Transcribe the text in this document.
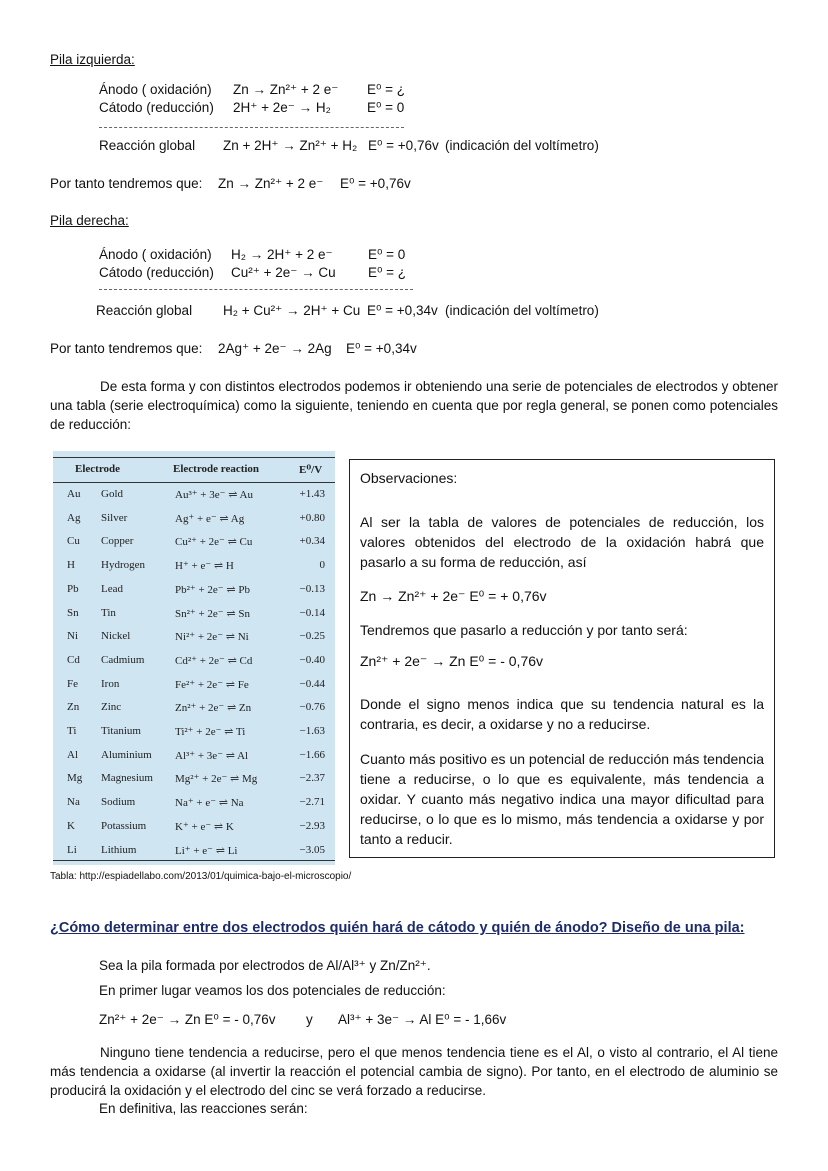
Pila izquierda:
Ánodo ( oxidación) Zn → Zn²⁺ + 2 e⁻ E⁰ = ¿
Cátodo (reducción) 2H⁺ + 2e⁻ → H₂	E⁰ = 0
Reacción global Zn + 2H⁺ → Zn²⁺ + H₂ E⁰ = +0,76v (indicación del voltímetro)
Por tanto tendremos que: Zn → Zn²⁺ + 2 e⁻ E⁰ = +0,76v
Pila derecha:
Ánodo ( oxidación) H₂ → 2H⁺ + 2 e⁻	E⁰ = 0
Cátodo (reducción) Cu²⁺ + 2e⁻ → Cu E⁰ = ¿
Reacción global H₂ + Cu²⁺ → 2H⁺ + Cu E⁰ = +0,34v (indicación del voltímetro)
Por tanto tendremos que: 2Ag⁺ + 2e⁻ → 2Ag E⁰ = +0,34v
De esta forma y con distintos electrodos podemos ir obteniendo una serie de potenciales de electrodos y obtener una tabla (serie electroquímica) como la siguiente, teniendo en cuenta que por regla general, se ponen como potenciales de reducción:
Electrode	Electrode reaction	E⁰/V
Au Gold	Au³⁺ + 3e⁻ ⇌ Au	+1.43
Ag Silver	Ag⁺ + e⁻ ⇌ Ag	+0.80
Cu Copper	Cu²⁺ + 2e⁻ ⇌ Cu	+0.34
H Hydrogen	H⁺ + e⁻ ⇌ H	0
Pb Lead	Pb²⁺ + 2e⁻ ⇌ Pb	−0.13
Sn Tin	Sn²⁺ + 2e⁻ ⇌ Sn	−0.14
Ni Nickel	Ni²⁺ + 2e⁻ ⇌ Ni	−0.25
Cd Cadmium	Cd²⁺ + 2e⁻ ⇌ Cd	−0.40
Fe Iron	Fe²⁺ + 2e⁻ ⇌ Fe	−0.44
Zn Zinc	Zn²⁺ + 2e⁻ ⇌ Zn	−0.76
Ti Titanium	Ti²⁺ + 2e⁻ ⇌ Ti	−1.63
Al Aluminium Al³⁺ + 3e⁻ ⇌ Al	−1.66
Mg Magnesium Mg²⁺ + 2e⁻ ⇌ Mg	−2.37
Na Sodium	Na⁺ + e⁻ ⇌ Na	−2.71
K Potassium	K⁺ + e⁻ ⇌ K	−2.93
Li Lithium	Li⁺ + e⁻ ⇌ Li	−3.05
Tabla: http://espiadellabo.com/2013/01/quimica-bajo-el-microscopio/
Observaciones:
Al ser la tabla de valores de potenciales de reducción, los valores obtenidos del electrodo de la oxidación habrá que pasarlo a su forma de reducción, así
Zn → Zn²⁺ + 2e⁻ E⁰ = + 0,76v
Tendremos que pasarlo a reducción y por tanto será:
Zn²⁺ + 2e⁻ → Zn E⁰ = - 0,76v
Donde el signo menos indica que su tendencia natural es la contraria, es decir, a oxidarse y no a reducirse.
Cuanto más positivo es un potencial de reducción más tendencia tiene a reducirse, o lo que es equivalente, más tendencia a oxidar. Y cuanto más negativo indica una mayor dificultad para reducirse, o lo que es lo mismo, más tendencia a oxidarse y por tanto a reducir.
¿Cómo determinar entre dos electrodos quién hará de cátodo y quién de ánodo? Diseño de una pila:
Sea la pila formada por electrodos de Al/Al³⁺ y Zn/Zn²⁺.
En primer lugar veamos los dos potenciales de reducción:
Zn²⁺ + 2e⁻ → Zn E⁰ = - 0,76v y Al³⁺ + 3e⁻ → Al E⁰ = - 1,66v
Ninguno tiene tendencia a reducirse, pero el que menos tendencia tiene es el Al, o visto al contrario, el Al tiene más tendencia a oxidarse (al invertir la reacción el potencial cambia de signo). Por tanto, en el electrodo de aluminio se producirá la oxidación y el electrodo del cinc se verá forzado a reducirse.
En definitiva, las reacciones serán:
